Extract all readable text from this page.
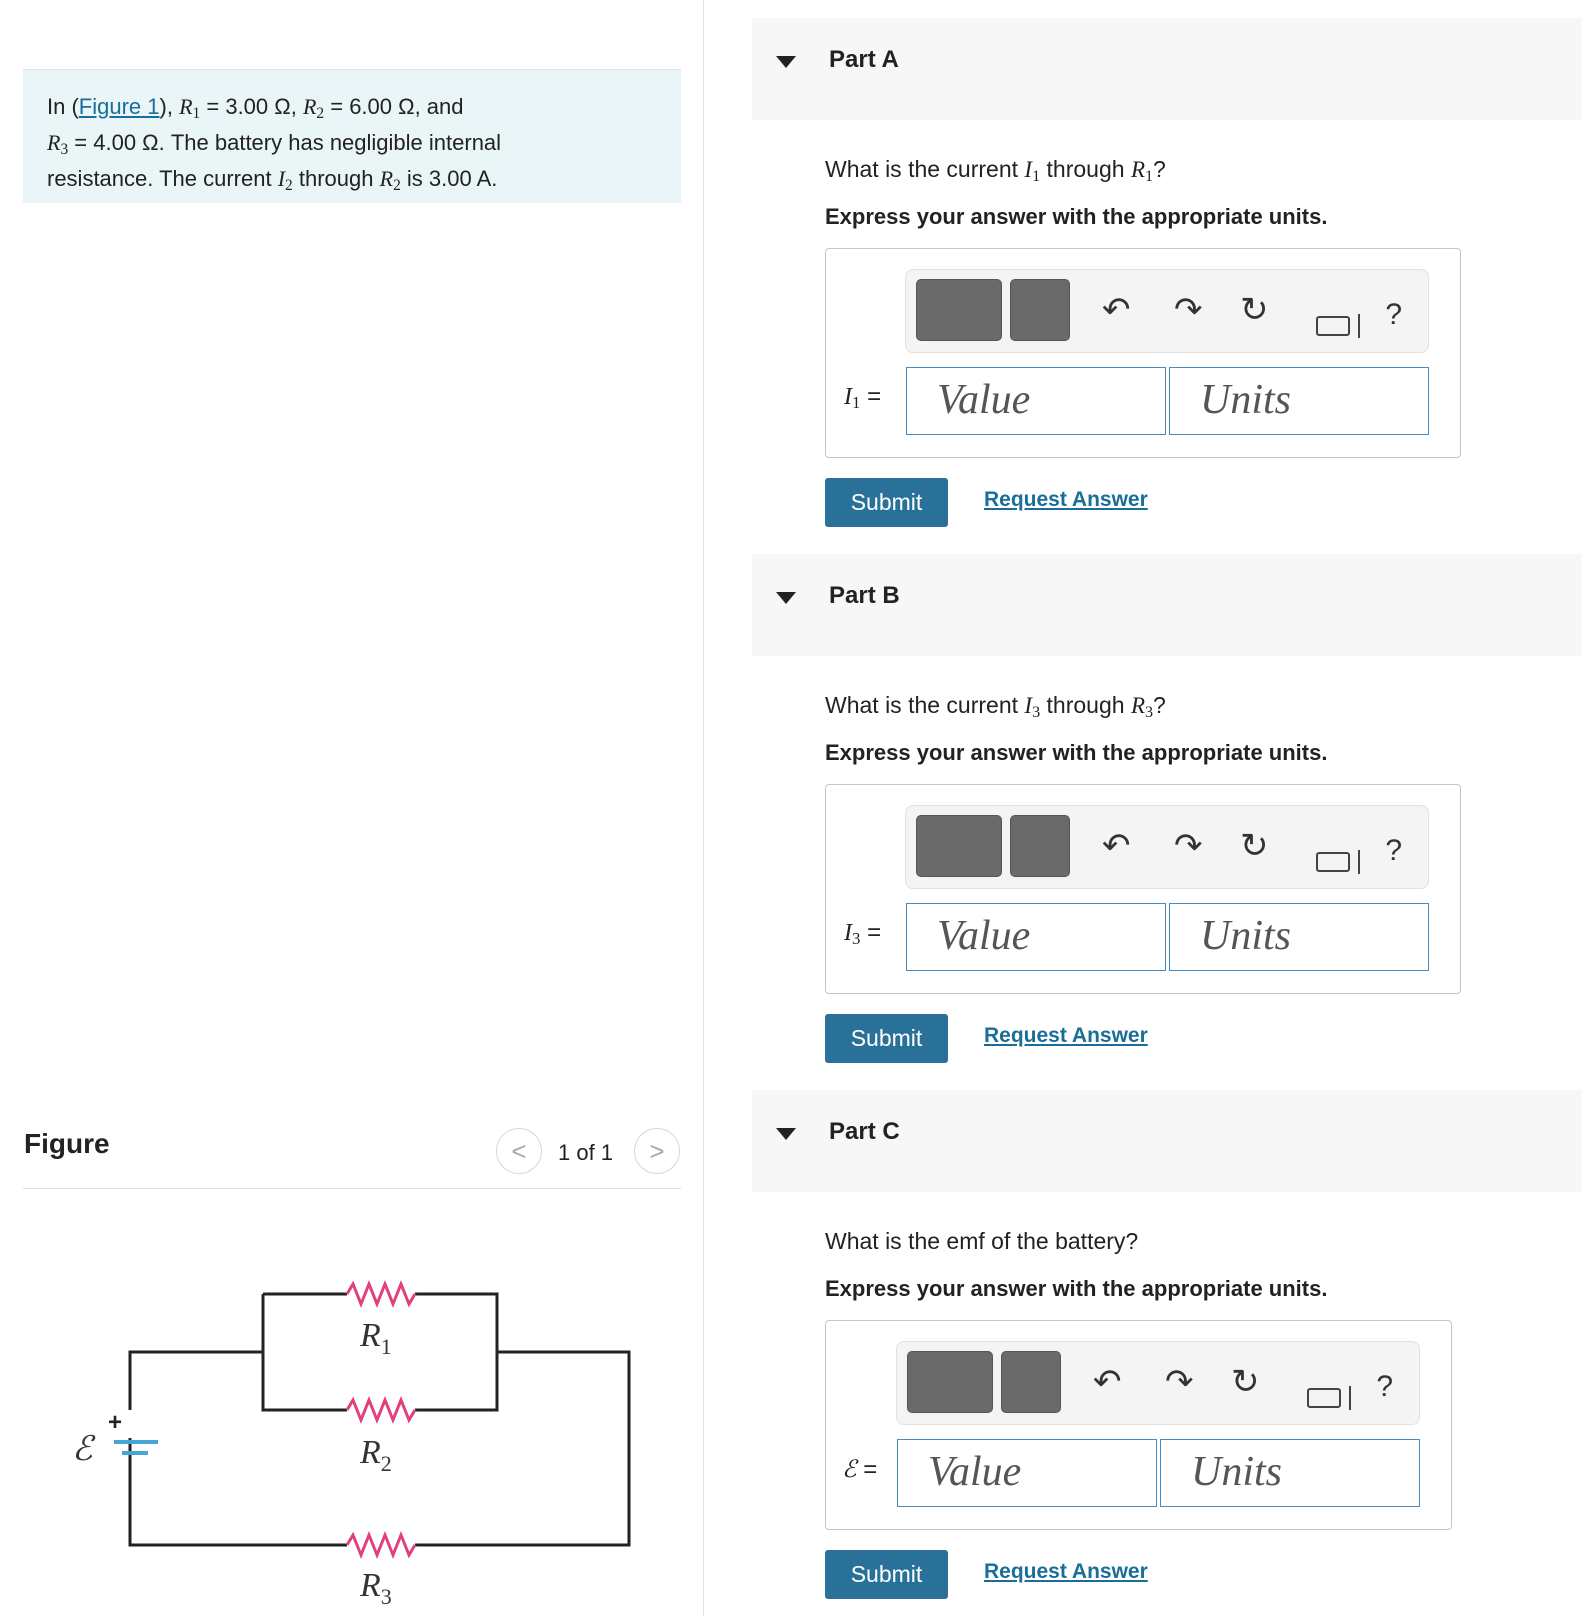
In (Figure 1), $R_1 = 3.00$ Ω, $R_2 = 6.00$ Ω, and
$R_3 = 4.00$ Ω. The battery has negligible internal
resistance. The current $I_2$ through $R_2$ is 3.00 A.
Figure	< 1 of 1 >
+
ℰ
$R_1$
$R_2$
$R_3$
Part A
What is the current $I_1$ through $R_1$?
Express your answer with the appropriate units.
↶ ↷ ↻	?
$I_1$ =	Value	Units
Submit	Request Answer
Part B
What is the current $I_3$ through $R_3$?
Express your answer with the appropriate units.
↶ ↷ ↻	?
$I_3$ =	Value	Units
Submit	Request Answer
Part C
What is the emf of the battery?
Express your answer with the appropriate units.
↶ ↷ ↻	?
ℰ =	Value	Units
Submit	Request Answer
